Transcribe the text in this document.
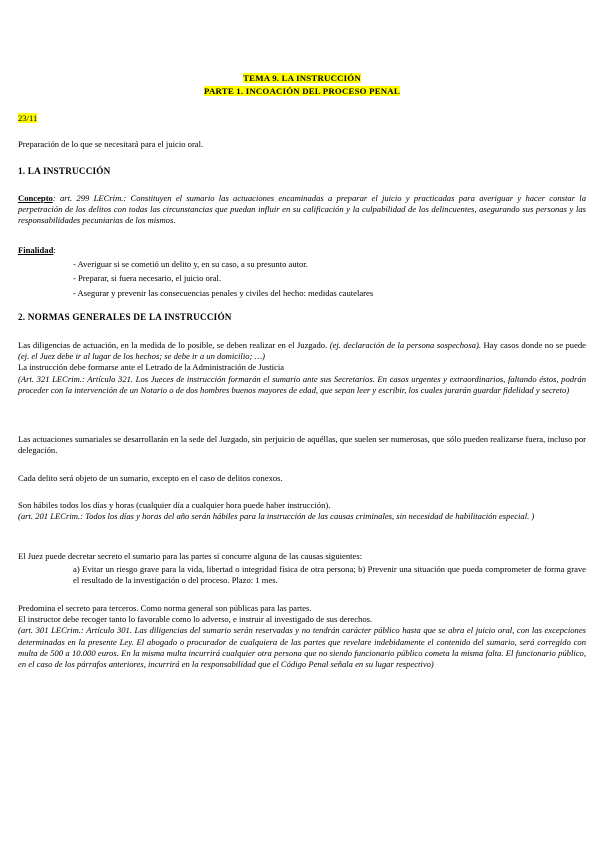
TEMA 9. LA INSTRUCCIÓN

PARTE 1. INCOACIÓN DEL PROCESO PENAL

23/11
Preparación de lo que se necesitará para el juicio oral.
1. LA INSTRUCCIÓN
Concepto: art. 299 LECrim.: Constituyen el sumario las actuaciones encaminadas a preparar el juicio y practicadas para averiguar y hacer constar la perpetración de los delitos con todas las circunstancias que puedan influir en su calificación y la culpabilidad de los delincuentes, asegurando sus personas y las responsabilidades pecuniarias de los mismos.

Finalidad:

- Averiguar si se cometió un delito y, en su caso, a su presunto autor.

- Preparar, si fuera necesario, el juicio oral.

- Asegurar y prevenir las consecuencias penales y civiles del hecho: medidas cautelares

2. NORMAS GENERALES DE LA INSTRUCCIÓN
Las diligencias de actuación, en la medida de lo posible, se deben realizar en el Juzgado. (ej. declaración de la persona sospechosa). Hay casos donde no se puede (ej. el Juez debe ir al lugar de los hechos; se debe ir a un domicilio; …)

La instrucción debe formarse ante el Letrado de la Administración de Justicia

(Art. 321 LECrim.: Artículo 321. Los Jueces de instrucción formarán el sumario ante sus Secretarios. En casos urgentes y extraordinarios, faltando éstos, podrán proceder con la intervención de un Notario o de dos hombres buenos mayores de edad, que sepan leer y escribir, los cuales jurarán guardar fidelidad y secreto)

Las actuaciones sumariales se desarrollarán en la sede del Juzgado, sin perjuicio de aquéllas, que suelen ser numerosas, que sólo pueden realizarse fuera, incluso por delegación.
Cada delito será objeto de un sumario, excepto en el caso de delitos conexos.

Son hábiles todos los días y horas (cualquier día a cualquier hora puede haber instrucción).

(art. 201 LECrim.: Todos los días y horas del año serán hábiles para la instrucción de las causas criminales, sin necesidad de habilitación especial. )

El Juez puede decretar secreto el sumario para las partes si concurre alguna de las causas siguientes:

a) Evitar un riesgo grave para la vida, libertad o integridad física de otra persona; b) Prevenir una situación que pueda comprometer de forma grave el resultado de la investigación o del proceso. Plazo: 1 mes.

Predomina el secreto para terceros. Como norma general son públicas para las partes.

El instructor debe recoger tanto lo favorable como lo adverso, e instruir al investigado de sus derechos.

(art. 301 LECrim.: Artículo 301. Las diligencias del sumario serán reservadas y no tendrán carácter público hasta que se abra el juicio oral, con las excepciones determinadas en la presente Ley. El abogado o procurador de cualquiera de las partes que revelare indebidamente el contenido del sumario, será corregido con multa de 500 a 10.000 euros. En la misma multa incurrirá cualquier otra persona que no siendo funcionario público cometa la misma falta. El funcionario público, en el caso de los párrafos anteriores, incurrirá en la responsabilidad que el Código Penal señala en su lugar respectivo)
